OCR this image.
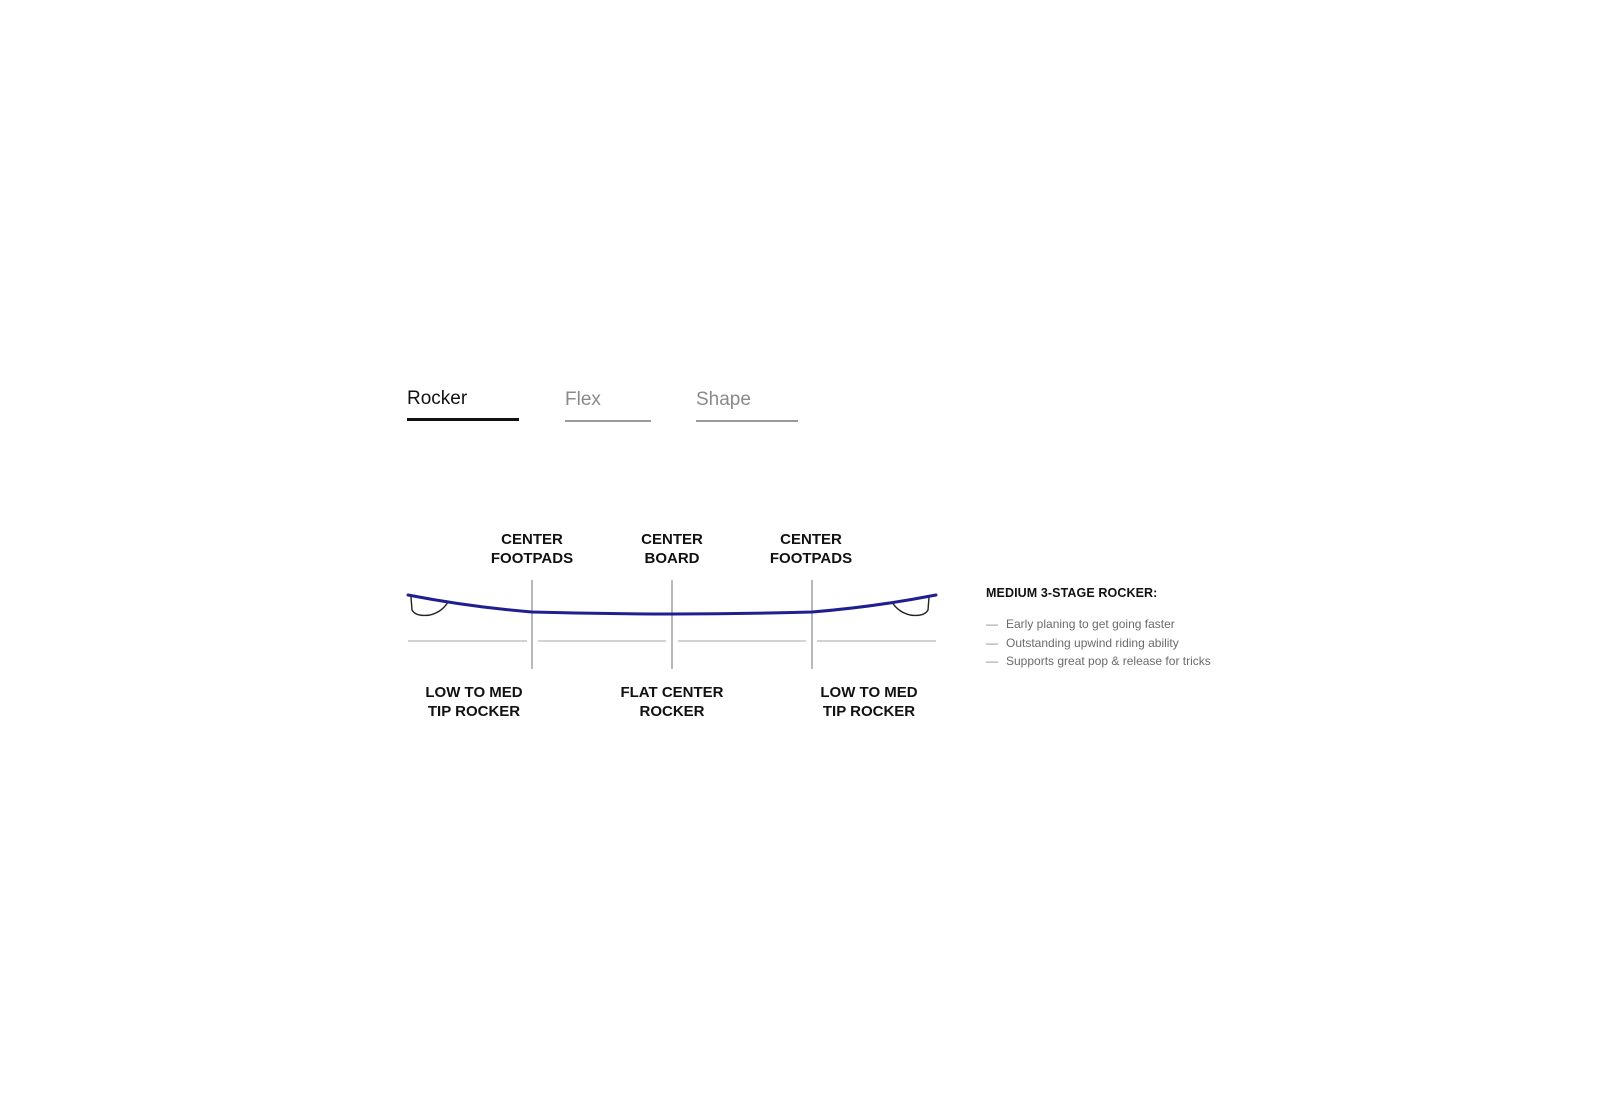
Rocker	Flex	Shape
CENTER
FOOTPADS
CENTER
BOARD
CENTER
FOOTPADS
LOW TO MED
TIP ROCKER
FLAT CENTER
ROCKER
LOW TO MED
TIP ROCKER
MEDIUM 3-STAGE ROCKER:
— Early planing to get going faster
— Outstanding upwind riding ability
— Supports great pop & release for tricks
